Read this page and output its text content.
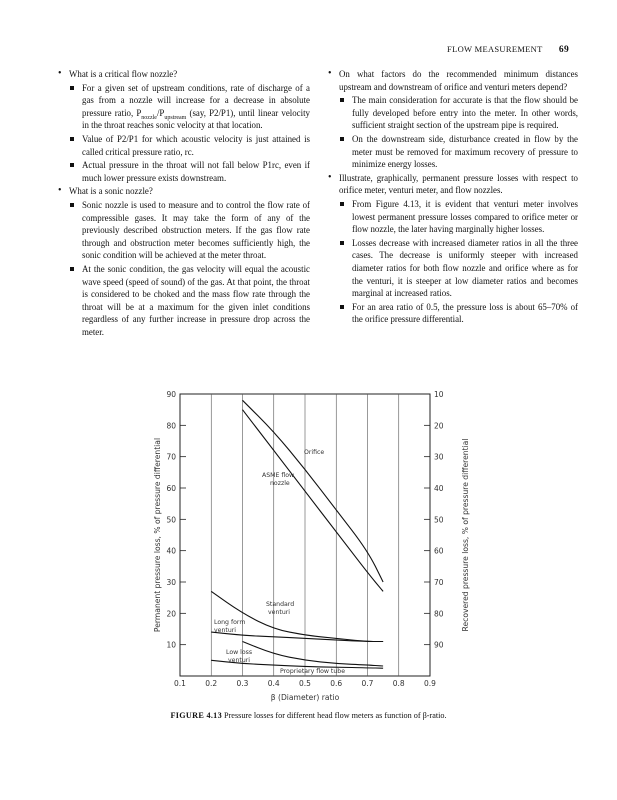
FLOW MEASUREMENT 69

• What is a critical flow nozzle?

For a given set of upstream conditions, rate of discharge of a gas from a nozzle will increase for a decrease in absolute pressure ratio, $P_{nozzle}/P_{upstream}$ (say, P2/P1), until linear velocity in the throat reaches sonic velocity at that location.

Value of P2/P1 for which acoustic velocity is just attained is called critical pressure ratio, rc.

Actual pressure in the throat will not fall below P1rc, even if much lower pressure exists downstream.

• What is a sonic nozzle?

Sonic nozzle is used to measure and to control the flow rate of compressible gases. It may take the form of any of the previously described obstruction meters. If the gas flow rate through and obstruction meter becomes sufficiently high, the sonic condition will be achieved at the meter throat.

At the sonic condition, the gas velocity will equal the acoustic wave speed (speed of sound) of the gas. At that point, the throat is considered to be choked and the mass flow rate through the throat will be at a maximum for the given inlet conditions regardless of any further increase in pressure drop across the meter.

• On what factors do the recommended minimum distances upstream and downstream of orifice and venturi meters depend?

The main consideration for accurate is that the flow should be fully developed before entry into the meter. In other words, sufficient straight section of the upstream pipe is required.

On the downstream side, disturbance created in flow by the meter must be removed for maximum recovery of pressure to minimize energy losses.

• Illustrate, graphically, permanent pressure losses with respect to orifice meter, venturi meter, and flow nozzles.

From Figure 4.13, it is evident that venturi meter involves lowest permanent pressure losses compared to orifice meter or flow nozzle, the later having marginally higher losses.

Losses decrease with increased diameter ratios in all the three cases. The decrease is uniformly steeper with increased diameter ratios for both flow nozzle and orifice where as for the venturi, it is steeper at low diameter ratios and becomes marginal at increased ratios.

For an area ratio of 0.5, the pressure loss is about 65–70% of the orifice pressure differential.

90
80
70
60
50
40
30
20
10
10
20
30
40
50
60
70
80
90
0.1	0.2	0.3	0.4	0.5	0.6	0.7	0.8	0.9
β (Diameter) ratio
Permanent pressure loss, % of pressure differential	Recovered pressure loss, % of pressure differential
Orifice
ASME flow
nozzle
Standard
venturi
Long form
venturi
Low loss
venturi
Proprietary flow tube
FIGURE 4.13 Pressure losses for different head flow meters as function of β-ratio.
